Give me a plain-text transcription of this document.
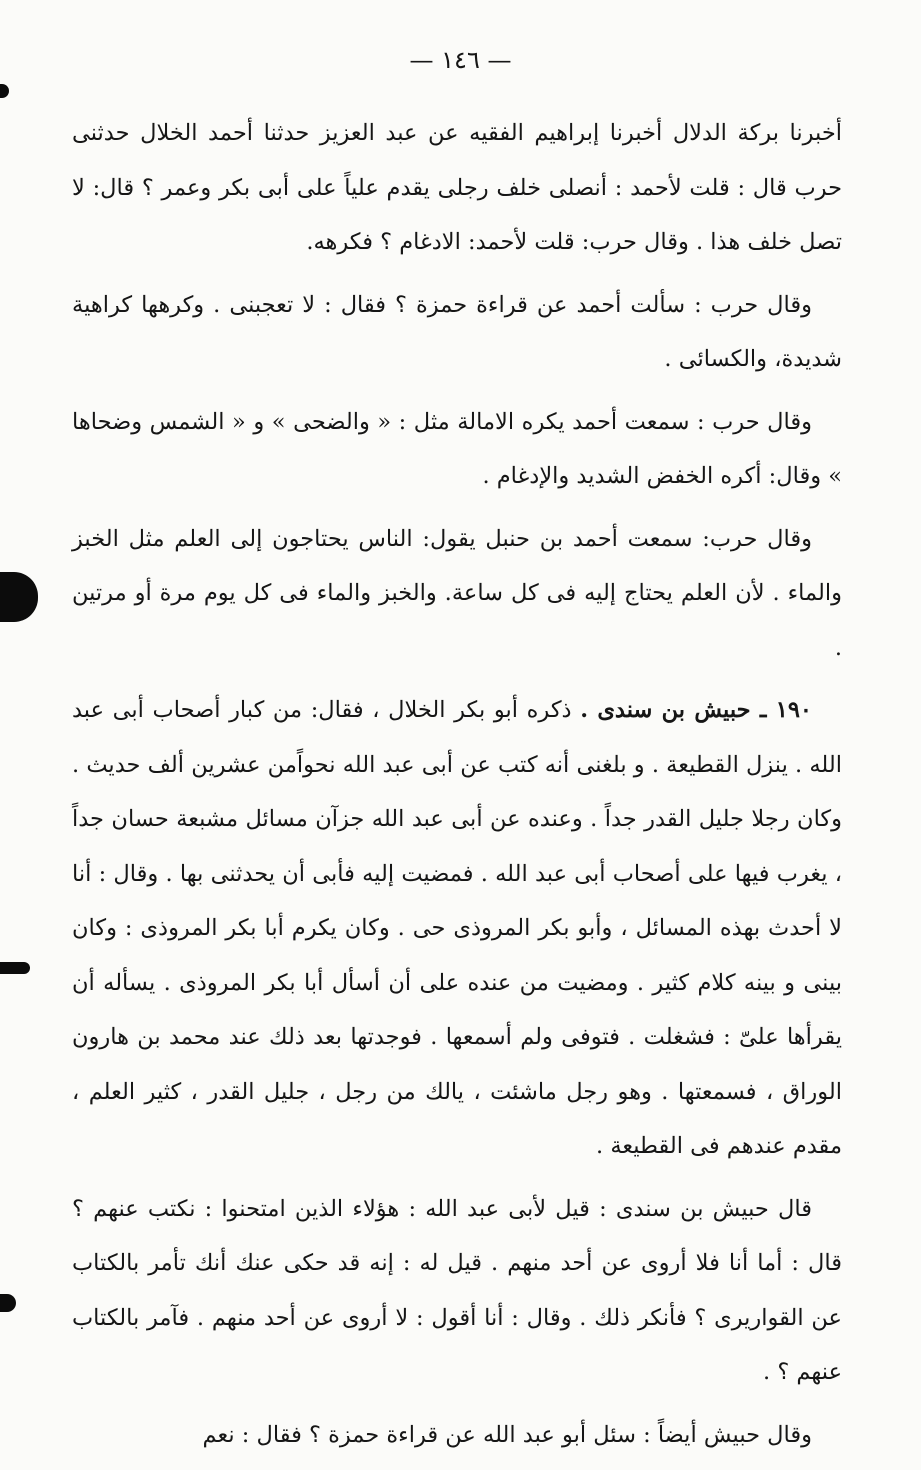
— ١٤٦ —

أخبرنا بركة الدلال أخبرنا إبراهيم الفقيه عن عبد العزيز حدثنا أحمد الخلال حدثنى حرب قال : قلت لأحمد : أنصلى خلف رجلى يقدم علياً على أبى بكر وعمر ؟ قال: لا تصل خلف هذا . وقال حرب: قلت لأحمد: الادغام ؟ فكرهه.

وقال حرب : سألت أحمد عن قراءة حمزة ؟ فقال : لا تعجبنى . وكرهها كراهية شديدة، والكسائى .

وقال حرب : سمعت أحمد يكره الامالة مثل : « والضحى » و « الشمس وضحاها » وقال: أكره الخفض الشديد والإدغام .

وقال حرب: سمعت أحمد بن حنبل يقول: الناس يحتاجون إلى العلم مثل الخبز والماء . لأن العلم يحتاج إليه فى كل ساعة. والخبز والماء فى كل يوم مرة أو مرتين .

١٩٠ ـ حبيش بن سندى . ذكره أبو بكر الخلال ، فقال: من كبار أصحاب أبى عبد الله . ينزل القطيعة . و بلغنى أنه كتب عن أبى عبد الله نحواًمن عشرين ألف حديث . وكان رجلا جليل القدر جداً . وعنده عن أبى عبد الله جزآن مسائل مشبعة حسان جداً ، يغرب فيها على أصحاب أبى عبد الله . فمضيت إليه فأبى أن يحدثنى بها . وقال : أنا لا أحدث بهذه المسائل ، وأبو بكر المروذى حى . وكان يكرم أبا بكر المروذى : وكان بينى و بينه كلام كثير . ومضيت من عنده على أن أسأل أبا بكر المروذى . يسأله أن يقرأها علىّ : فشغلت . فتوفى ولم أسمعها . فوجدتها بعد ذلك عند محمد بن هارون الوراق ، فسمعتها . وهو رجل ماشئت ، يالك من رجل ، جليل القدر ، كثير العلم ، مقدم عندهم فى القطيعة .

قال حبيش بن سندى : قيل لأبى عبد الله : هؤلاء الذين امتحنوا : نكتب عنهم ؟ قال : أما أنا فلا أروى عن أحد منهم . قيل له : إنه قد حكى عنك أنك تأمر بالكتاب عن القواريرى ؟ فأنكر ذلك . وقال : أنا أقول : لا أروى عن أحد منهم . فآمر بالكتاب عنهم ؟ .

وقال حبيش أيضاً : سئل أبو عبد الله عن قراءة حمزة ؟ فقال : نعم
